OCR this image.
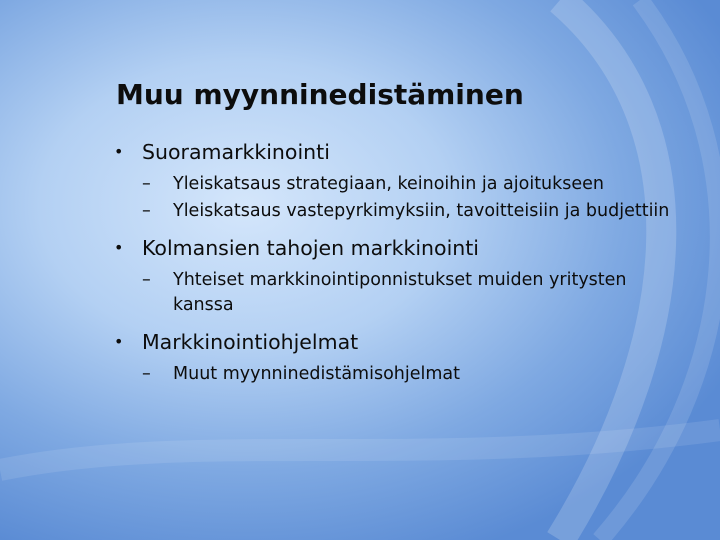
Muu myynninedistäminen
• Suoramarkkinointi
– Yleiskatsaus strategiaan, keinoihin ja ajoitukseen
– Yleiskatsaus vastepyrkimyksiin, tavoitteisiin ja budjettiin
• Kolmansien tahojen markkinointi
– Yhteiset markkinointiponnistukset muiden yritysten kanssa
• Markkinointiohjelmat
– Muut myynninedistämisohjelmat
